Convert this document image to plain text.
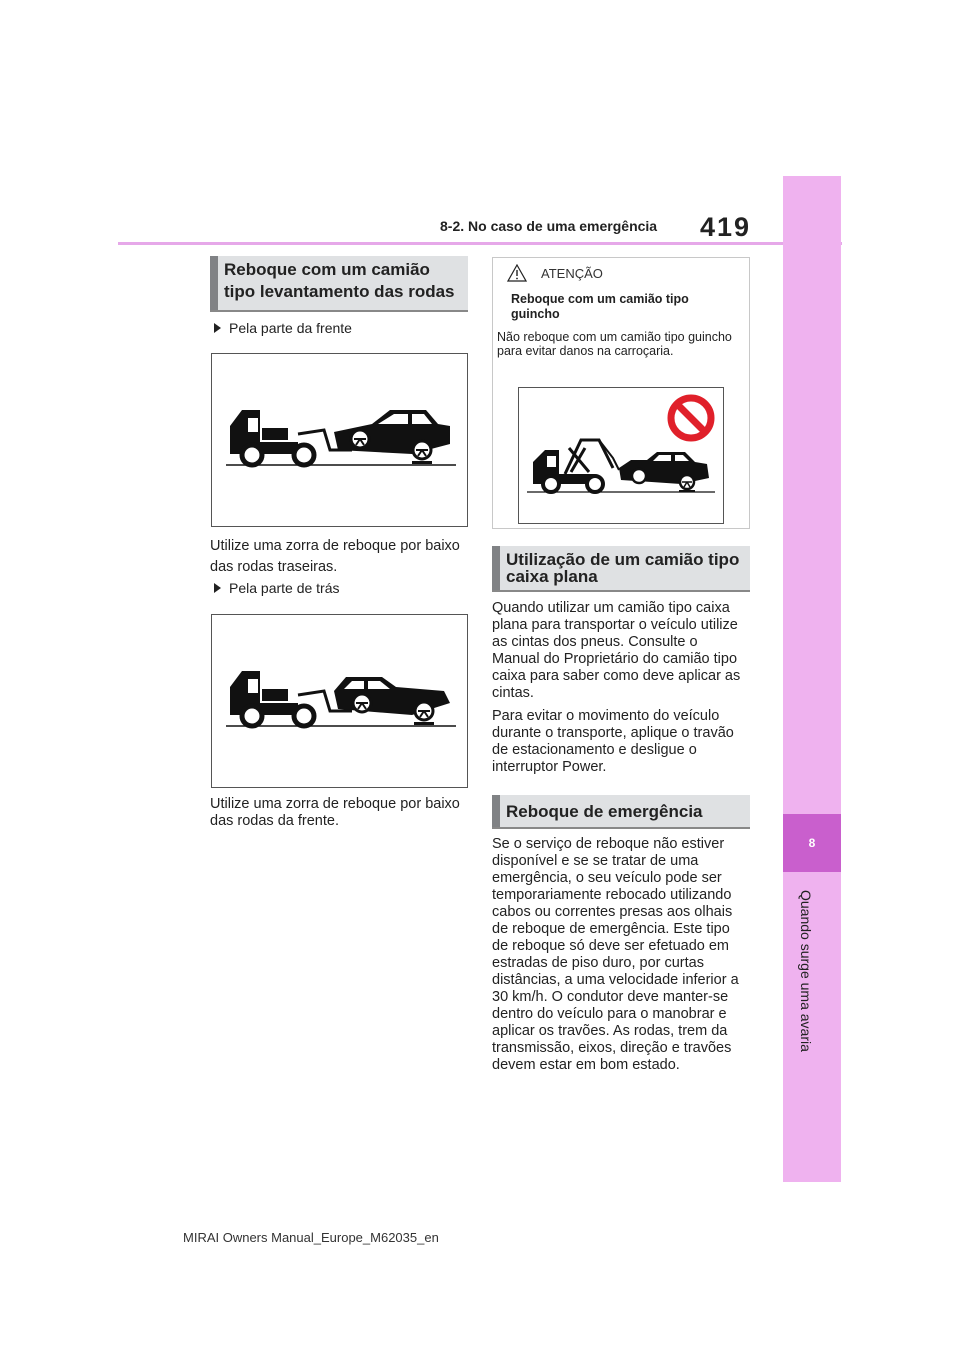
8-2. No caso de uma emergência 419
8
Quando surge uma avaria
Reboque com um camião tipo levantamento das rodas
Pela parte da frente

Utilize uma zorra de reboque por baixo das rodas traseiras.

Pela parte de trás

Utilize uma zorra de reboque por baixo das rodas da frente.

ATENÇÃO
Reboque com um camião tipo guincho
Não reboque com um camião tipo guincho para evitar danos na carroçaria.
Utilização de um camião tipo caixa plana

Quando utilizar um camião tipo caixa plana para transportar o veículo utilize as cintas dos pneus. Consulte o Manual do Proprietário do camião tipo caixa para saber como deve aplicar as cintas.

Para evitar o movimento do veículo durante o transporte, aplique o travão de estacionamento e desligue o interruptor Power.

Reboque de emergência

Se o serviço de reboque não estiver disponível e se se tratar de uma emergência, o seu veículo pode ser temporariamente rebocado utilizando cabos ou correntes presas aos olhais de reboque de emergência. Este tipo de reboque só deve ser efetuado em estradas de piso duro, por curtas distâncias, a uma velocidade inferior a 30 km/h. O condutor deve manter-se dentro do veículo para o manobrar e aplicar os travões. As rodas, trem da transmissão, eixos, direção e travões devem estar em bom estado.

MIRAI Owners Manual_Europe_M62035_en
